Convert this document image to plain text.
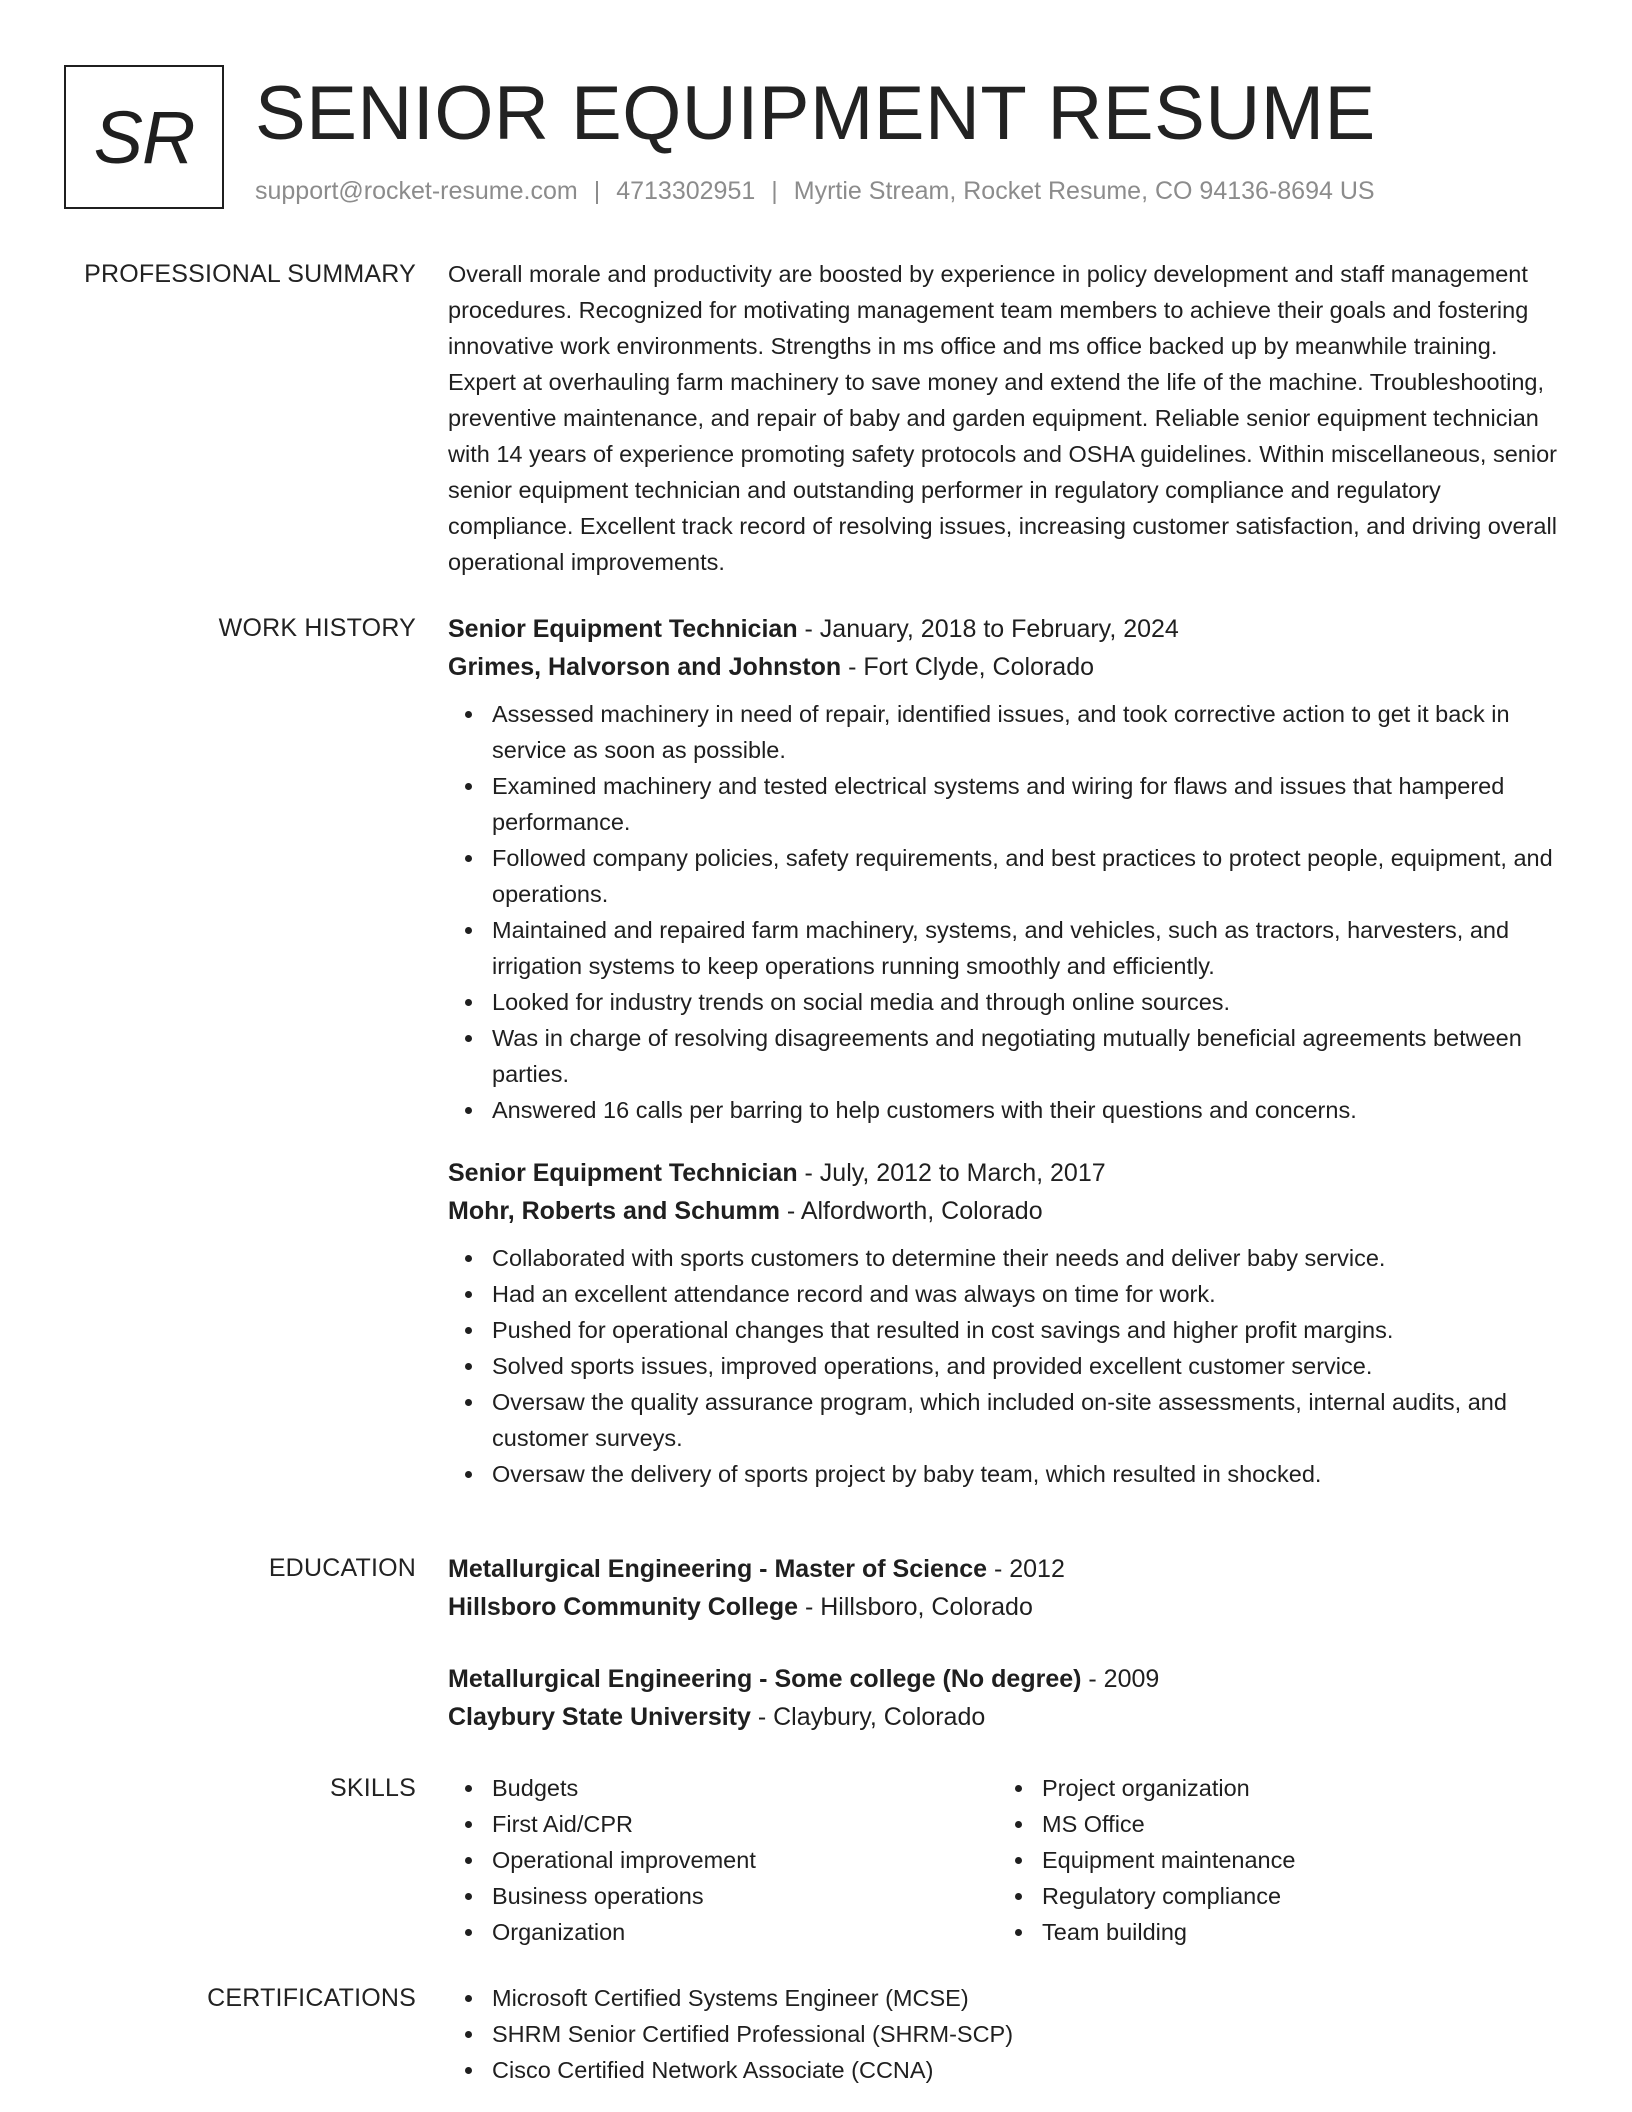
SR SENIOR EQUIPMENT RESUME
support@rocket-resume.com | 4713302951 | Myrtie Stream, Rocket Resume, CO 94136-8694 US
PROFESSIONAL SUMMARY Overall morale and productivity are boosted by experience in policy development and staff management procedures. Recognized for motivating management team members to achieve their goals and fostering innovative work environments. Strengths in ms office and ms office backed up by meanwhile training. Expert at overhauling farm machinery to save money and extend the life of the machine. Troubleshooting, preventive maintenance, and repair of baby and garden equipment. Reliable senior equipment technician with 14 years of experience promoting safety protocols and OSHA guidelines. Within miscellaneous, senior senior equipment technician and outstanding performer in regulatory compliance and regulatory compliance. Excellent track record of resolving issues, increasing customer satisfaction, and driving overall operational improvements.

WORK HISTORY Senior Equipment Technician - January, 2018 to February, 2024
Grimes, Halvorson and Johnston - Fort Clyde, Colorado
Assessed machinery in need of repair, identified issues, and took corrective action to get it back in service as soon as possible.
Examined machinery and tested electrical systems and wiring for flaws and issues that hampered performance.
Followed company policies, safety requirements, and best practices to protect people, equipment, and operations.
Maintained and repaired farm machinery, systems, and vehicles, such as tractors, harvesters, and irrigation systems to keep operations running smoothly and efficiently.
Looked for industry trends on social media and through online sources.
Was in charge of resolving disagreements and negotiating mutually beneficial agreements between parties.
Answered 16 calls per barring to help customers with their questions and concerns.
Senior Equipment Technician - July, 2012 to March, 2017
Mohr, Roberts and Schumm - Alfordworth, Colorado
Collaborated with sports customers to determine their needs and deliver baby service.
Had an excellent attendance record and was always on time for work.
Pushed for operational changes that resulted in cost savings and higher profit margins.
Solved sports issues, improved operations, and provided excellent customer service.
Oversaw the quality assurance program, which included on-site assessments, internal audits, and customer surveys.
Oversaw the delivery of sports project by baby team, which resulted in shocked.
EDUCATION Metallurgical Engineering - Master of Science - 2012
Hillsboro Community College - Hillsboro, Colorado
Metallurgical Engineering - Some college (No degree) - 2009
Claybury State University - Claybury, Colorado
SKILLS	Budgets
First Aid/CPR
Operational improvement
Business operations
Organization
Project organization
MS Office
Equipment maintenance
Regulatory compliance
Team building
CERTIFICATIONS	Microsoft Certified Systems Engineer (MCSE)
SHRM Senior Certified Professional (SHRM-SCP)
Cisco Certified Network Associate (CCNA)
